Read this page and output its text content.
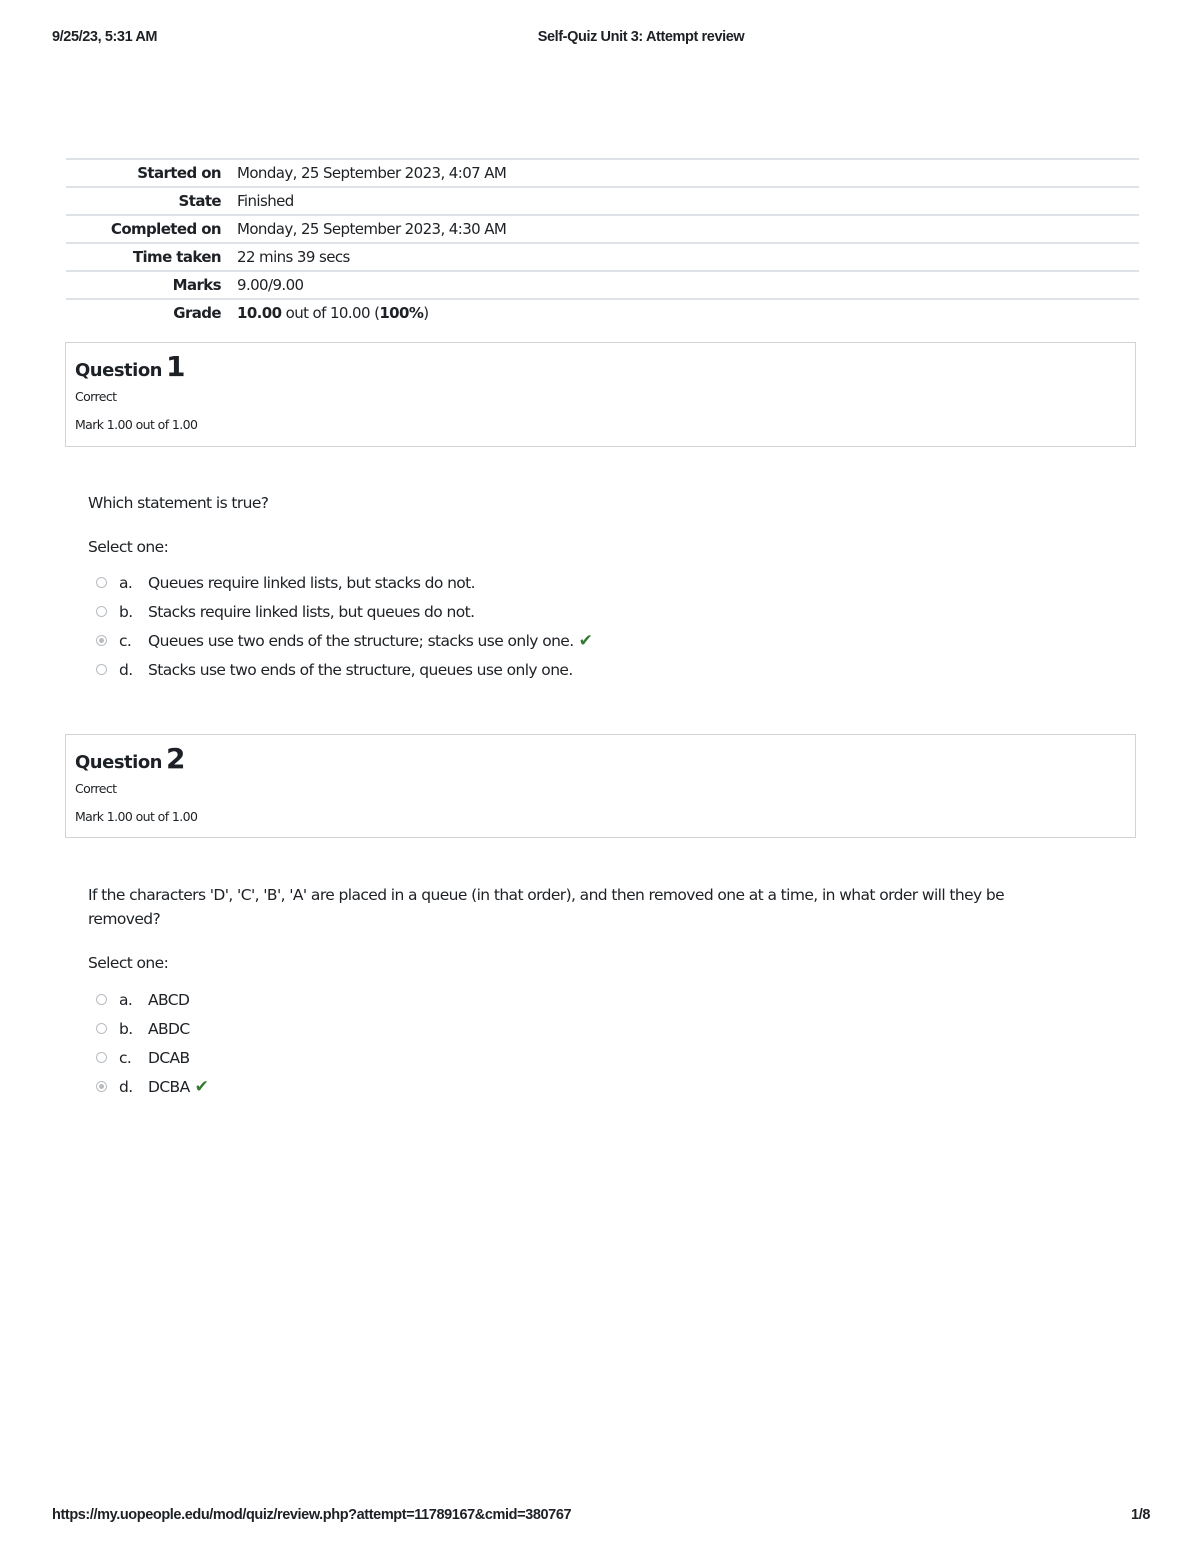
9/25/23, 5:31 AM	Self-Quiz Unit 3: Attempt review
Started on	Monday, 25 September 2023, 4:07 AM
State	Finished
Completed on	Monday, 25 September 2023, 4:30 AM
Time taken	22 mins 39 secs
Marks	9.00/9.00
Grade	10.00 out of 10.00 (100%)
Question 1
Correct
Mark 1.00 out of 1.00
Which statement is true?
Select one:
a.	Queues require linked lists, but stacks do not.
b. Stacks require linked lists, but queues do not.
c.	Queues use two ends of the structure; stacks use only one. ✔
d. Stacks use two ends of the structure, queues use only one.
Question 2
Correct
Mark 1.00 out of 1.00
If the characters 'D', 'C', 'B', 'A' are placed in a queue (in that order), and then removed one at a time, in what order will they be removed?
Select one:
a.	ABCD
b. ABDC
c.	DCAB
d. DCBA ✔
https://my.uopeople.edu/mod/quiz/review.php?attempt=11789167&cmid=380767	1/8
